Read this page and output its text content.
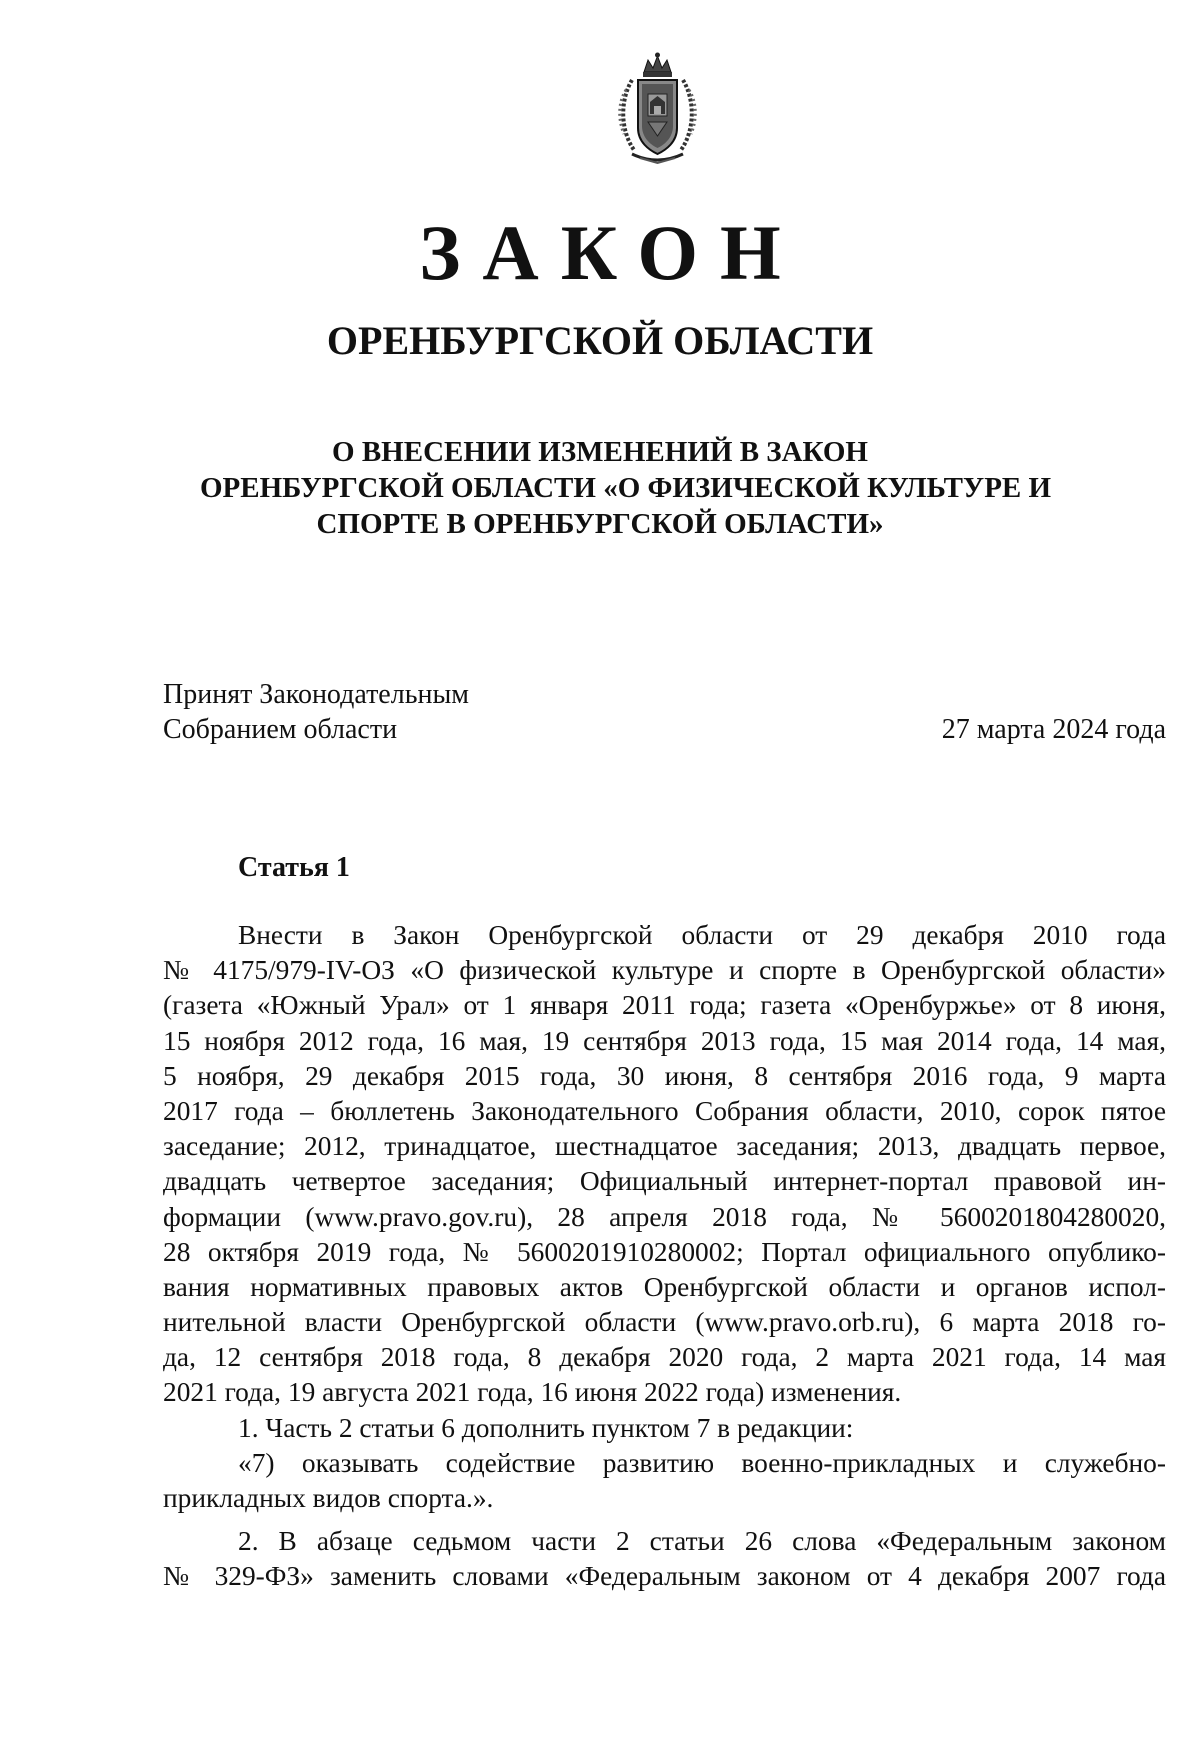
ЗАКОН
ОРЕНБУРГСКОЙ ОБЛАСТИ
О ВНЕСЕНИИ ИЗМЕНЕНИЙ В ЗАКОН
ОРЕНБУРГСКОЙ ОБЛАСТИ «О ФИЗИЧЕСКОЙ КУЛЬТУРЕ И
СПОРТЕ В ОРЕНБУРГСКОЙ ОБЛАСТИ»
Принят Законодательным
Собранием области	27 марта 2024 года
Статья 1
Внести в Закон Оренбургской области от 29 декабря 2010 года
№ 4175/979-IV-ОЗ «О физической культуре и спорте в Оренбургской области»
(газета «Южный Урал» от 1 января 2011 года; газета «Оренбуржье» от 8 июня,
15 ноября 2012 года, 16 мая, 19 сентября 2013 года, 15 мая 2014 года, 14 мая,
5 ноября, 29 декабря 2015 года, 30 июня, 8 сентября 2016 года, 9 марта
2017 года – бюллетень Законодательного Собрания области, 2010, сорок пятое
заседание; 2012, тринадцатое, шестнадцатое заседания; 2013, двадцать первое,
двадцать четвертое заседания; Официальный интернет-портал правовой ин-
формации (www.pravo.gov.ru), 28 апреля 2018 года, № 5600201804280020,
28 октября 2019 года, № 5600201910280002; Портал официального опублико-
вания нормативных правовых актов Оренбургской области и органов испол-
нительной власти Оренбургской области (www.pravo.orb.ru), 6 марта 2018 го-
да, 12 сентября 2018 года, 8 декабря 2020 года, 2 марта 2021 года, 14 мая
2021 года, 19 августа 2021 года, 16 июня 2022 года) изменения.
1. Часть 2 статьи 6 дополнить пунктом 7 в редакции:
«7) оказывать содействие развитию военно-прикладных и служебно-
прикладных видов спорта.».
2. В абзаце седьмом части 2 статьи 26 слова «Федеральным законом
№ 329-ФЗ» заменить словами «Федеральным законом от 4 декабря 2007 года
